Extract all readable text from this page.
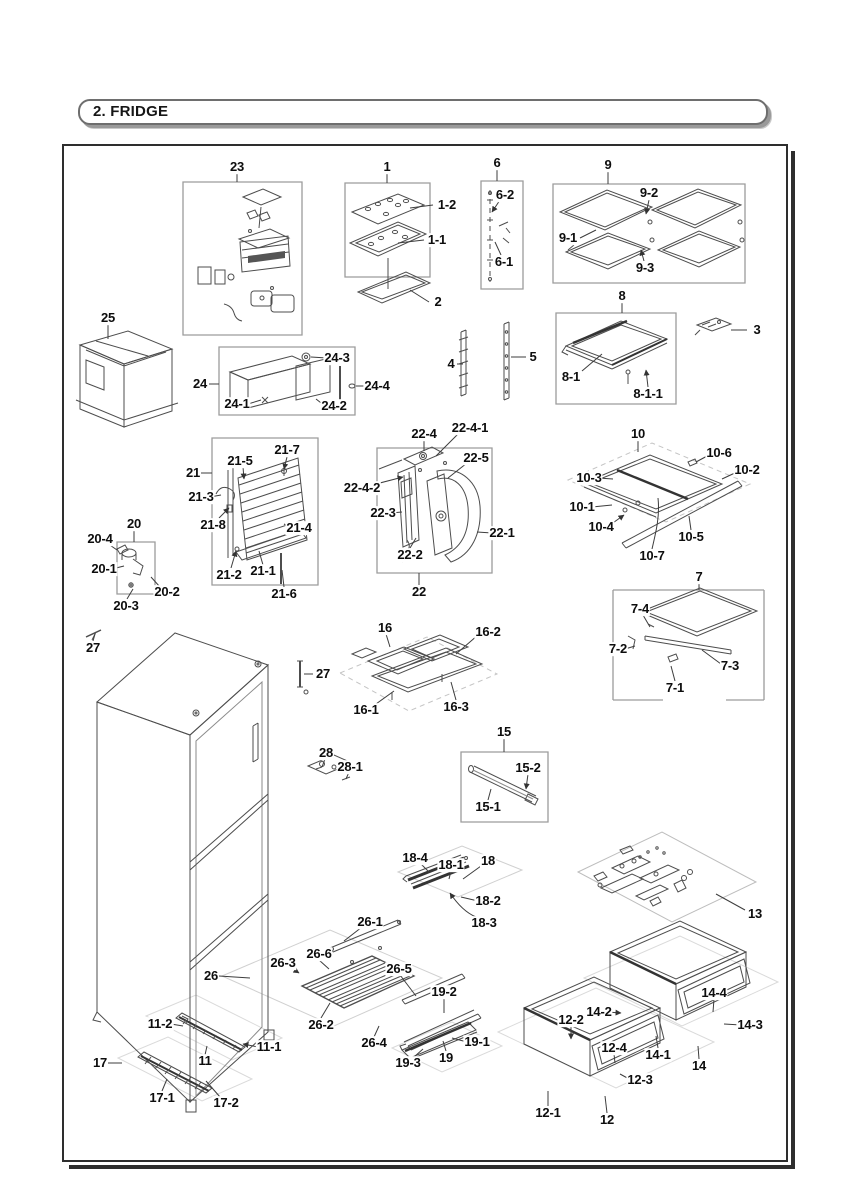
2. FRIDGE
23	1
1-2
1-1
2
6
6-2
6-1
9
9-2
9-1
9-3
8
8-1
8-1-1
3
4	5
25
24
24-3
24-4
24-1	24-2
21
21-5
21-7
21-3
21-8	21-4
21-2 21-1
21-6
22-4 22-4-1
22-5
22-4-2
22-3
22-1
22-2
22
10
10-6
10-2
10-3
10-1
10-4
10-5
10-7
20
20-4
20-1
20-2
20-3
27
27
7
7-4
7-2
7-3
7-1
16	16-2
16-1	16-3
15
15-2
15-1
28
28-1
18-4 18-1 18
18-2
18-3
13
26-1
26-6
26-3	26-5
26
26-2
26-4
19-2
19-1
19
19-3
11-2
11-1
11
17
17-1	17-2
12-2
12-4
12-3
12-1	12
14-4
14-2
14-3
14-1
14
